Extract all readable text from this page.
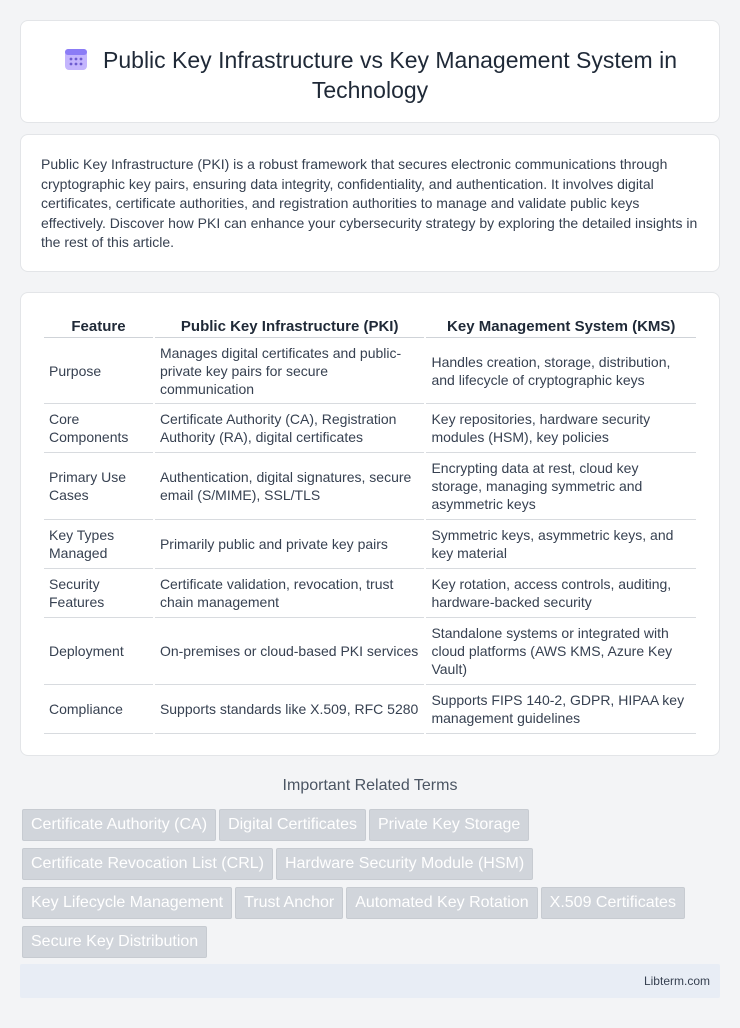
Public Key Infrastructure vs Key Management System in Technology

Public Key Infrastructure (PKI) is a robust framework that secures electronic communications through cryptographic key pairs, ensuring data integrity, confidentiality, and authentication. It involves digital certificates, certificate authorities, and registration authorities to manage and validate public keys effectively. Discover how PKI can enhance your cybersecurity strategy by exploring the detailed insights in the rest of this article.

Feature	Public Key Infrastructure (PKI)	Key Management System (KMS)
Purpose	Manages digital certificates and public-private key pairs for secure communication	Handles creation, storage, distribution, and lifecycle of cryptographic keys
Core Components	Certificate Authority (CA), Registration Authority (RA), digital certificates	Key repositories, hardware security modules (HSM), key policies
Primary Use Cases	Authentication, digital signatures, secure email (S/MIME), SSL/TLS	Encrypting data at rest, cloud key storage, managing symmetric and asymmetric keys
Key Types Managed	Primarily public and private key pairs	Symmetric keys, asymmetric keys, and key material
Security Features	Certificate validation, revocation, trust chain management	Key rotation, access controls, auditing, hardware-backed security
Deployment	On-premises or cloud-based PKI services	Standalone systems or integrated with cloud platforms (AWS KMS, Azure Key Vault)
Compliance	Supports standards like X.509, RFC 5280	Supports FIPS 140-2, GDPR, HIPAA key management guidelines
Important Related Terms
Certificate Authority (CA) Digital Certificates Private Key Storage
Certificate Revocation List (CRL) Hardware Security Module (HSM)
Key Lifecycle Management Trust Anchor Automated Key Rotation X.509 Certificates
Secure Key Distribution
Libterm.com
